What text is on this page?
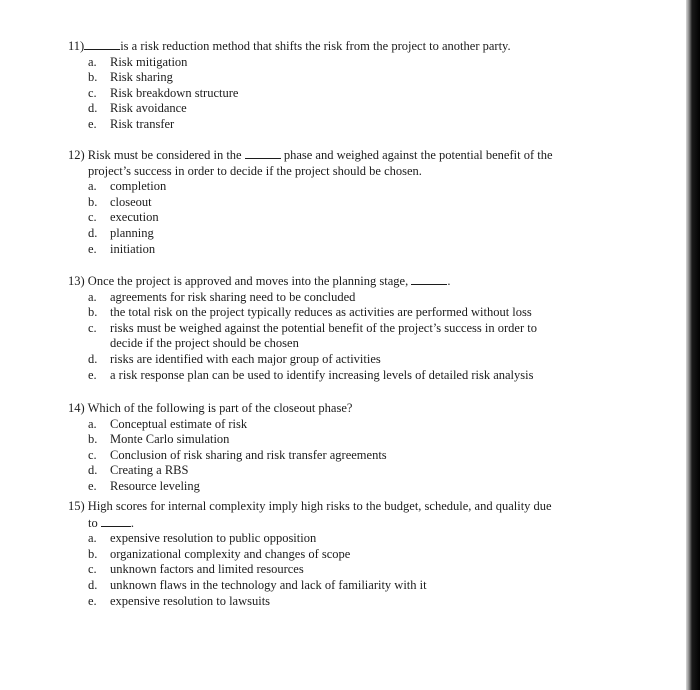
11)	is a risk reduction method that shifts the risk from the project to another party.
a. Risk mitigation
b. Risk sharing
c. Risk breakdown structure
d. Risk avoidance
e. Risk transfer
12) Risk must be considered in the	phase and weighed against the potential benefit of the
project’s success in order to decide if the project should be chosen.
a. completion
b. closeout
c. execution
d. planning
e. initiation
13) Once the project is approved and moves into the planning stage,	.
a. agreements for risk sharing need to be concluded
b. the total risk on the project typically reduces as activities are performed without loss
c. risks must be weighed against the potential benefit of the project’s success in order to
decide if the project should be chosen
d. risks are identified with each major group of activities
e. a risk response plan can be used to identify increasing levels of detailed risk analysis
14) Which of the following is part of the closeout phase?
a. Conceptual estimate of risk
b. Monte Carlo simulation
c. Conclusion of risk sharing and risk transfer agreements
d. Creating a RBS
e. Resource leveling
15) High scores for internal complexity imply high risks to the budget, schedule, and quality due
to	.
a. expensive resolution to public opposition
b. organizational complexity and changes of scope
c. unknown factors and limited resources
d. unknown flaws in the technology and lack of familiarity with it
e. expensive resolution to lawsuits
